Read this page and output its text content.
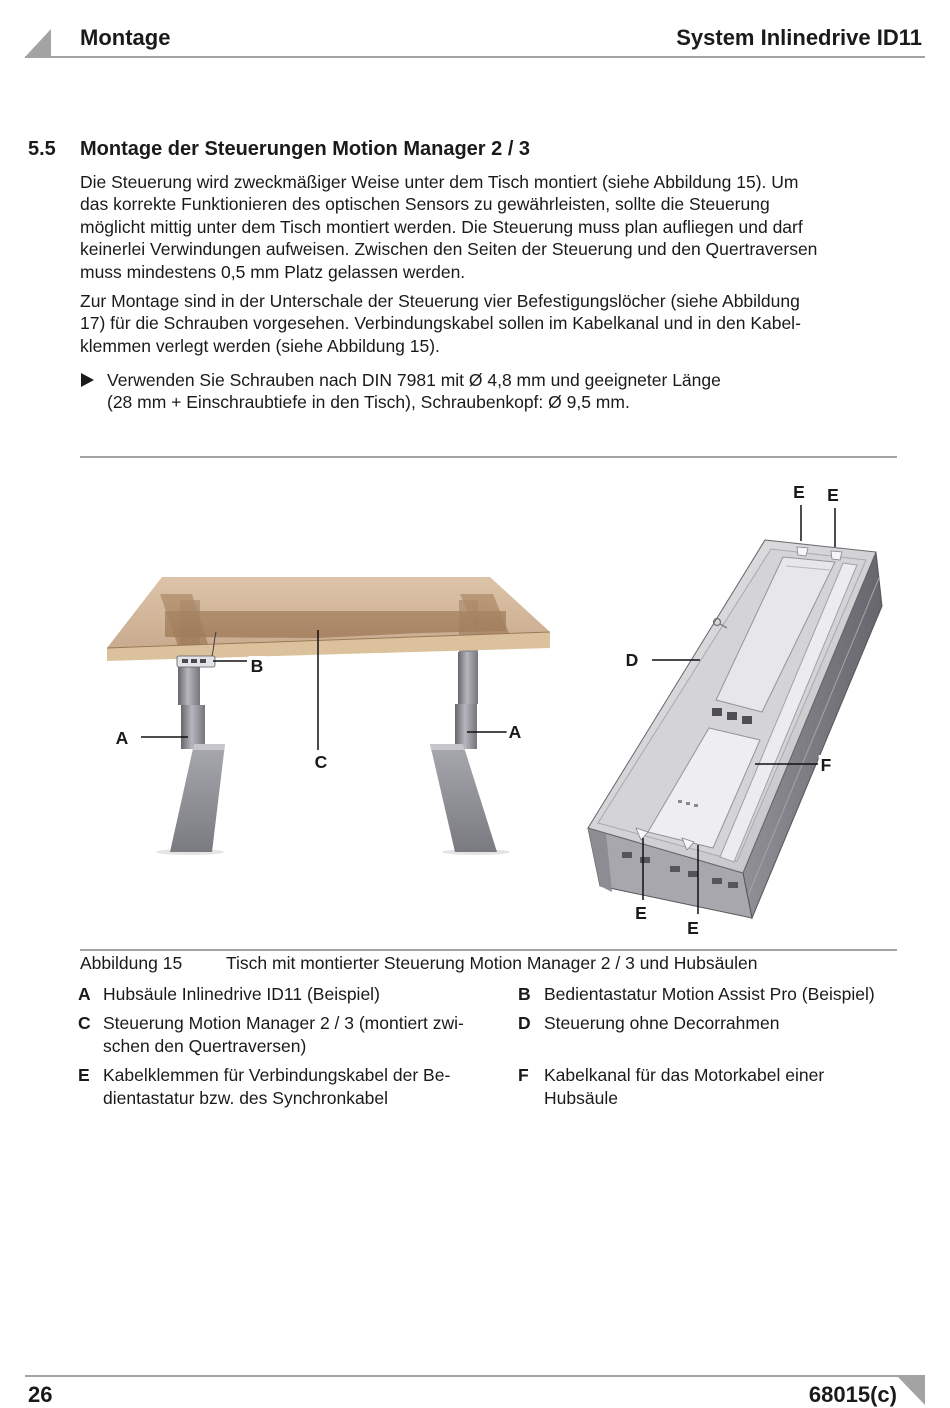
Montage	System Inlinedrive ID11
5.5 Montage der Steuerungen Motion Manager 2 / 3
Die Steuerung wird zweckmäßiger Weise unter dem Tisch montiert (siehe Abbildung 15). Um
das korrekte Funktionieren des optischen Sensors zu gewährleisten, sollte die Steuerung
möglicht mittig unter dem Tisch montiert werden. Die Steuerung muss plan aufliegen und darf
keinerlei Verwindungen aufweisen. Zwischen den Seiten der Steuerung und den Quertraversen
muss mindestens 0,5 mm Platz gelassen werden.
Zur Montage sind in der Unterschale der Steuerung vier Befestigungslöcher (siehe Abbildung
17) für die Schrauben vorgesehen. Verbindungskabel sollen im Kabelkanal und in den Kabel-
klemmen verlegt werden (siehe Abbildung 15).
Verwenden Sie Schrauben nach DIN 7981 mit Ø 4,8 mm und geeigneter Länge
(28 mm + Einschraubtiefe in den Tisch), Schraubenkopf: Ø 9,5 mm.
E E
B	D
A	A
C	F
E
E
Abbildung 15	Tisch mit montierter Steuerung Motion Manager 2 / 3 und Hubsäulen
A Hubsäule Inlinedrive ID11 (Beispiel)	B Bedientastatur Motion Assist Pro (Beispiel)
C Steuerung Motion Manager 2 / 3 (montiert zwi-
schen den Quertraversen)
D Steuerung ohne Decorrahmen
E Kabelklemmen für Verbindungskabel der Be-
dientastatur bzw. des Synchronkabel
F Kabelkanal für das Motorkabel einer
Hubsäule
26	68015(c)
